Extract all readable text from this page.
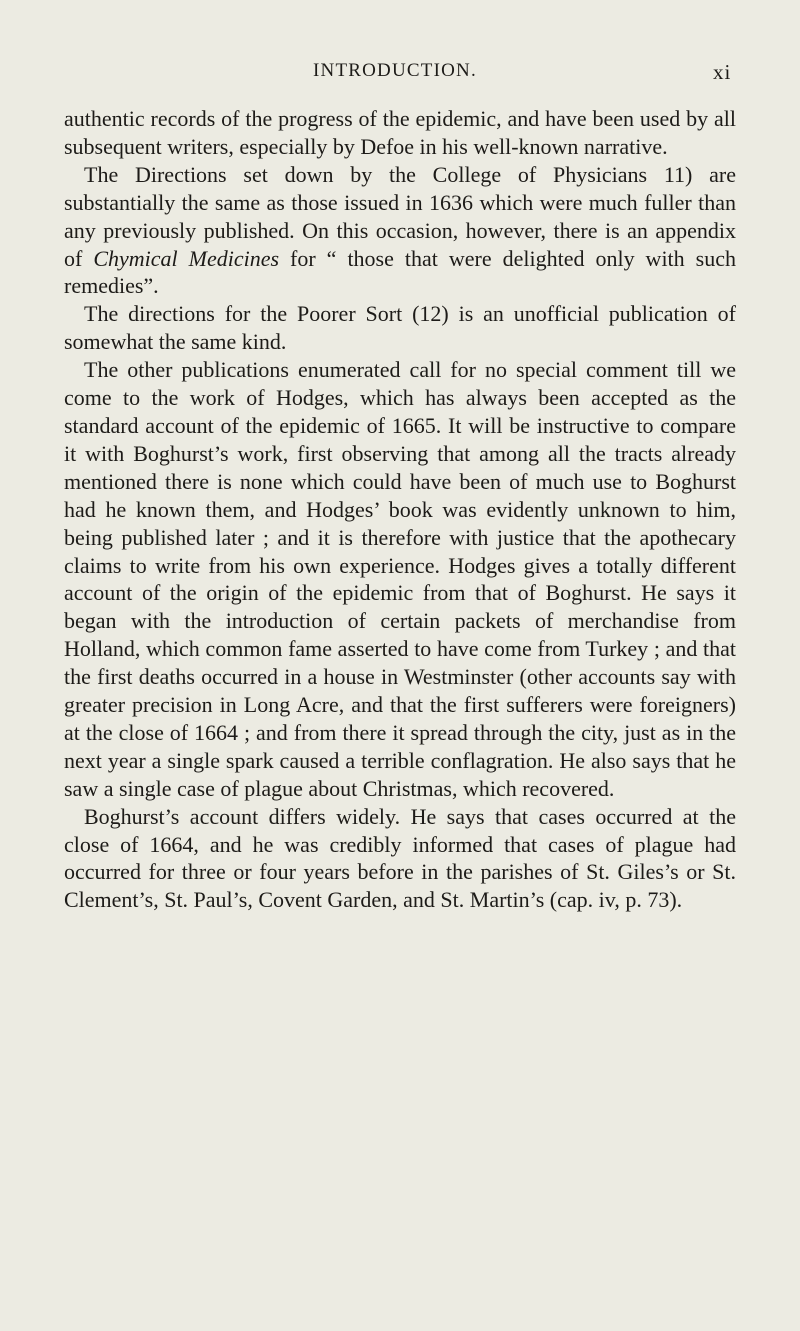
INTRODUCTION.	xi

authentic records of the progress of the epidemic, and have been used by all subsequent writers, especially by Defoe in his well-known narrative.

The Directions set down by the College of Physicians 11) are substantially the same as those issued in 1636 which were much fuller than any previously published. On this occasion, however, there is an appendix of Chymical Medicines for “ those that were delighted only with such remedies”.

The directions for the Poorer Sort (12) is an unofficial publication of somewhat the same kind.

The other publications enumerated call for no special comment till we come to the work of Hodges, which has always been accepted as the standard account of the epidemic of 1665. It will be instructive to compare it with Boghurst’s work, first observing that among all the tracts already mentioned there is none which could have been of much use to Boghurst had he known them, and Hodges’ book was evidently unknown to him, being published later ; and it is therefore with justice that the apothecary claims to write from his own experience. Hodges gives a totally different account of the origin of the epidemic from that of Boghurst. He says it began with the introduction of certain packets of merchandise from Holland, which common fame asserted to have come from Turkey ; and that the first deaths occurred in a house in Westminster (other accounts say with greater precision in Long Acre, and that the first sufferers were foreigners) at the close of 1664 ; and from there it spread through the city, just as in the next year a single spark caused a terrible conflagration. He also says that he saw a single case of plague about Christmas, which recovered.

Boghurst’s account differs widely. He says that cases occurred at the close of 1664, and he was credibly informed that cases of plague had occurred for three or four years before in the parishes of St. Giles’s or St. Clement’s, St. Paul’s, Covent Garden, and St. Martin’s (cap. iv, p. 73).
